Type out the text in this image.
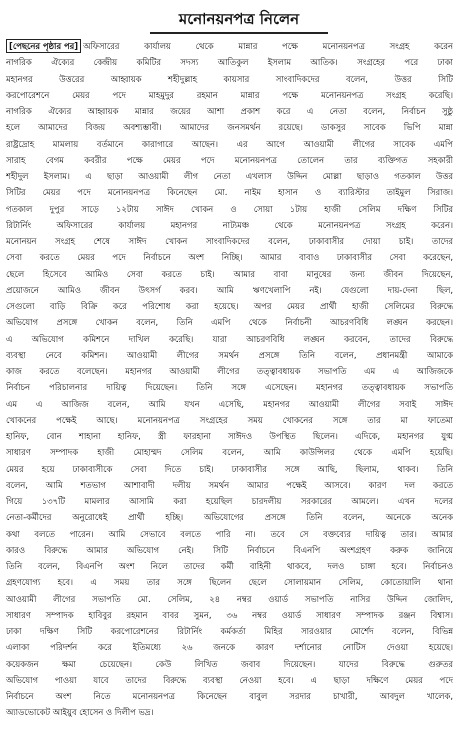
মনোনয়নপত্র নিলেন
[পেছনের পৃষ্ঠার পর] অফিসারের কার্যালয় থেকে মান্নার পক্ষে মনোনয়নপত্র সংগ্রহ করেন
নাগরিক ঐক্যের কেন্দ্রীয় কমিটির সদস্য আতিকুল ইসলাম আতিক। সংগ্রহের পরে ঢাকা
মহানগর উত্তরের আহ্বায়ক শহীদুল্লাহ কায়সার সাংবাদিকদের বলেন, উত্তর সিটি
করপোরেশনে মেয়র পদে মাহমুদুর রহমান মান্নার পক্ষে মনোনয়নপত্র সংগ্রহ করেছি।
নাগরিক ঐক্যের আহ্বায়ক মান্নার জয়ের আশা প্রকাশ করে এ নেতা বলেন, নির্বাচন সুষ্ঠু
হলে আমাদের বিজয় অবশ্যম্ভাবী। আমাদের জনসমর্থন রয়েছে। ডাকসুর সাবেক ভিপি মান্না
রাষ্ট্রদ্রোহ মামলায় বর্তমানে কারাগারে আছেন। এর আগে আওয়ামী লীগের সাবেক এমপি
সারাহ বেগম কবরীর পক্ষে মেয়র পদে মনোনয়নপত্র তোলেন তার ব্যক্তিগত সহকারী
শহীদুল ইসলাম। এ ছাড়া আওয়ামী লীগ নেতা এখলাস উদ্দিন মোল্লা ছাড়াও গতকাল উত্তর
সিটির মেয়র পদে মনোনয়নপত্র কিনেছেন মো. নাইম হাসান ও ব্যারিস্টার তাইমুল সিরাজ।
গতকাল দুপুর সাড়ে ১২টায় সাঈদ খোকন ও সোয়া ১টায় হাজী সেলিম দক্ষিণ সিটির
রিটার্নিং অফিসারের কার্যালয় মহানগর নাট্যমঞ্চ থেকে মনোনয়নপত্র সংগ্রহ করেন।
মনোনয়ন সংগ্রহ শেষে সাঈদ খোকন সাংবাদিকদের বলেন, ঢাকাবাসীর দোয়া চাই। তাদের
সেবা করতে মেয়র পদে নির্বাচনে অংশ নিচ্ছি। আমার বাবাও ঢাকাবাসীর সেবা করেছেন,
ছেলে হিসেবে আমিও সেবা করতে চাই। আমার বাবা মানুষের জন্য জীবন দিয়েছেন,
প্রয়োজনে আমিও জীবন উৎসর্গ করব। আমি ঋণখেলাপি নই। যেগুলো দায়-দেনা ছিল,
সেগুলো বাড়ি বিক্রি করে পরিশোধ করা হয়েছে। অপর মেয়র প্রার্থী হাজী সেলিমের বিরুদ্ধে
অভিযোগ প্রসঙ্গে খোকন বলেন, তিনি এমপি থেকে নির্বাচনী আচরণবিধি লঙ্ঘন করছেন।
এ অভিযোগ কমিশনে দাখিল করেছি। যারা আচরণবিধি লঙ্ঘন করবেন, তাদের বিরুদ্ধে
ব্যবস্থা নেবে কমিশন। আওয়ামী লীগের সমর্থন প্রসঙ্গে তিনি বলেন, প্রধানমন্ত্রী আমাকে
কাজ করতে বলেছেন। মহানগর আওয়ামী লীগের তত্ত্বাবধায়ক সভাপতি এম এ আজিজকে
নির্বাচন পরিচালনার দায়িত্ব দিয়েছেন। তিনি সঙ্গে এসেছেন। মহানগর তত্ত্বাবধায়ক সভাপতি
এম এ আজিজ বলেন, আমি যখন এসেছি, মহানগর আওয়ামী লীগের সবাই সাঈদ
খোকনের পক্ষেই আছে। মনোনয়নপত্র সংগ্রহের সময় খোকনের সঙ্গে তার মা ফাতেমা
হানিফ, বোন শাহানা হানিফ, স্ত্রী ফারহানা সাঈদও উপস্থিত ছিলেন। এদিকে, মহানগর যুগ্ম
সাধারণ সম্পাদক হাজী মোহাম্মদ সেলিম বলেন, আমি কাউন্সিলর থেকে এমপি হয়েছি।
মেয়র হয়ে ঢাকাবাসীকে সেবা দিতে চাই। ঢাকাবাসীর সঙ্গে আছি, ছিলাম, থাকব। তিনি
বলেন, আমি শতভাগ আশাবাদী দলীয় সমর্থন আমার পক্ষেই আসবে। কারণ দল করতে
গিয়ে ১৩৭টি মামলার আসামি করা হয়েছিল চারদলীয় সরকারের আমলে। এখন দলের
নেতা-কর্মীদের অনুরোধেই প্রার্থী হচ্ছি। অভিযোগের প্রসঙ্গে তিনি বলেন, অনেকে অনেক
কথা বলতে পারেন। আমি সেভাবে বলতে পারি না। তবে সে বক্তব্যের দায়িত্ব তার। আমার
কারও বিরুদ্ধে আমার অভিযোগ নেই। সিটি নির্বাচনে বিএনপি অংশগ্রহণ করুক জানিয়ে
তিনি বলেন, বিএনপি অংশ নিলে তাদের কর্মী বাহিনী থাকবে, দলও চাঙ্গা হবে। নির্বাচনও
গ্রহণযোগ্য হবে। এ সময় তার সঙ্গে ছিলেন ছেলে সোলায়মান সেলিম, কোতোয়ালি থানা
আওয়ামী লীগের সভাপতি মো. সেলিম, ২৪ নম্বর ওয়ার্ড সভাপতি নাসির উদ্দিন জোলিদ,
সাধারণ সম্পাদক হাবিবুর রহমান বাবর সুমন, ৩৬ নম্বর ওয়ার্ড সাধারণ সম্পাদক রঞ্জন বিশ্বাস।
ঢাকা দক্ষিণ সিটি করপোরেশনের রিটার্নিং কর্মকর্তা মিহির সারওয়ার মোর্শেদ বলেন, বিভিন্ন
এলাকা পরিদর্শন করে ইতিমধ্যে ২৬ জনকে কারণ দর্শানোর নোটিস দেওয়া হয়েছে।
কয়েকজন ক্ষমা চেয়েছেন। কেউ লিখিত জবাব দিয়েছেন। যাদের বিরুদ্ধে গুরুতর
অভিযোগ পাওয়া যাবে তাদের বিরুদ্ধে ব্যবস্থা নেওয়া হবে। এ ছাড়া দক্ষিণে মেয়র পদে
নির্বাচনে অংশ নিতে মনোনয়নপত্র কিনেছেন বাবুল সরদার চাখারী, আবদুল খালেক,
অ্যাডভোকেট আইয়ুব হোসেন ও দিলীপ ভদ্র।
